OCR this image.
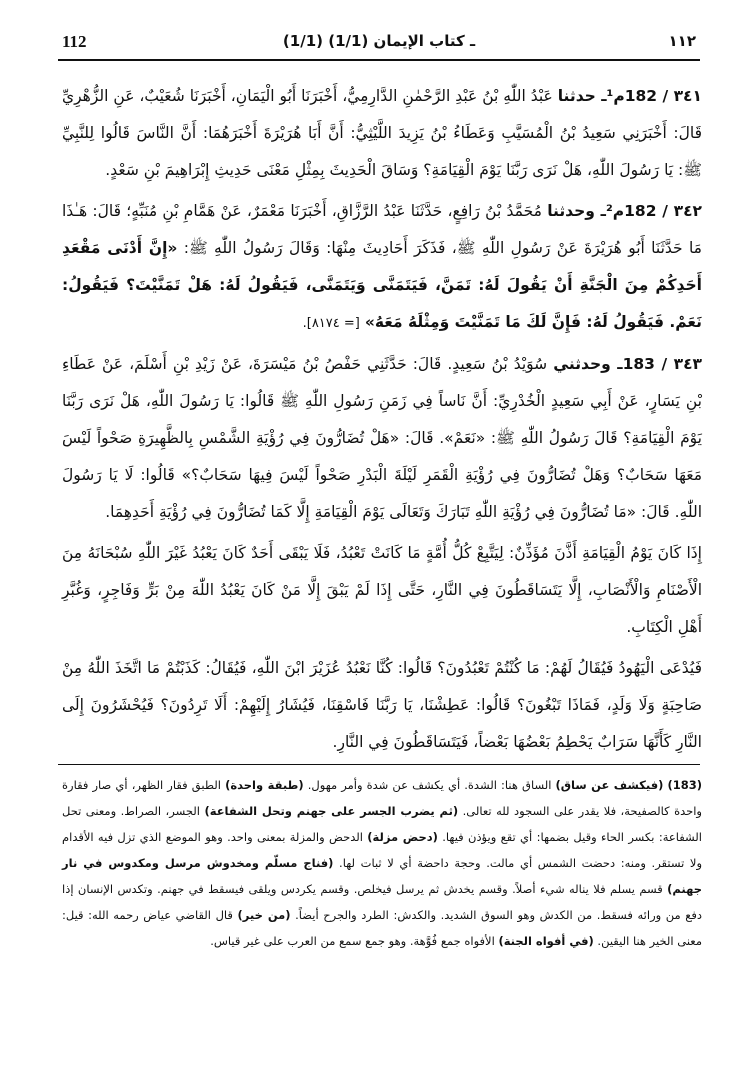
112	(1/1) ـ كتاب الإيمان (1/1)	١١٢

٣٤١ / 182م¹ـ حدثنا عَبْدُ اللّٰهِ بْنُ عَبْدِ الرَّحْمٰنِ الدَّارِمِيُّ، أَخْبَرَنَا أَبُو الْيَمَانِ، أَخْبَرَنَا شُعَيْبٌ، عَنِ الزُّهْرِيِّ قَالَ: أَخْبَرَنِي سَعِيدُ بْنُ الْمُسَيَّبِ وَعَطَاءُ بْنُ يَزِيدَ اللَّيْثِيُّ: أَنَّ أَبَا هُرَيْرَةَ أَخْبَرَهُمَا: أَنَّ النَّاسَ قَالُوا لِلنَّبِيِّ ﷺ: يَا رَسُولَ اللّٰهِ، هَلْ نَرَى رَبَّنَا يَوْمَ الْقِيَامَةِ؟ وَسَاقَ الْحَدِيثَ بِمِثْلِ مَعْنَى حَدِيثِ إِبْرَاهِيمَ بْنِ سَعْدٍ.

٣٤٢ / 182م²ـ وحدثنا مُحَمَّدُ بْنُ رَافِعٍ، حَدَّثَنَا عَبْدُ الرَّزَّاقِ، أَخْبَرَنَا مَعْمَرٌ، عَنْ هَمَّامِ بْنِ مُنَبِّهٍ؛ قَالَ: هَـٰذَا مَا حَدَّثَنَا أَبُو هُرَيْرَةَ عَنْ رَسُولِ اللّٰهِ ﷺ، فَذَكَرَ أَحَادِيثَ مِنْهَا: وَقَالَ رَسُولُ اللّٰهِ ﷺ: «إِنَّ أَدْنَى مَقْعَدِ أَحَدِكُمْ مِنَ الْجَنَّةِ أَنْ يَقُولَ لَهُ: تَمَنَّ، فَيَتَمَنَّى وَيَتَمَنَّى، فَيَقُولُ لَهُ: هَلْ تَمَنَّيْتَ؟ فَيَقُولُ: نَعَمْ. فَيَقُولُ لَهُ: فَإِنَّ لَكَ مَا تَمَنَّيْتَ وَمِثْلَهُ مَعَهُ» [= ٨١٧٤].

٣٤٣ / 183ـ وحدثني سُوَيْدُ بْنُ سَعِيدٍ. قَالَ: حَدَّثَنِي حَفْصُ بْنُ مَيْسَرَةَ، عَنْ زَيْدِ بْنِ أَسْلَمَ، عَنْ عَطَاءِ بْنِ يَسَارٍ، عَنْ أَبِي سَعِيدٍ الْخُدْرِيِّ: أَنَّ نَاساً فِي زَمَنِ رَسُولِ اللّٰهِ ﷺ قَالُوا: يَا رَسُولَ اللّٰهِ، هَلْ نَرَى رَبَّنَا يَوْمَ الْقِيَامَةِ؟ قَالَ رَسُولُ اللّٰهِ ﷺ: «نَعَمْ». قَالَ: «هَلْ تُضَارُّونَ فِي رُؤْيَةِ الشَّمْسِ بِالظَّهِيرَةِ صَحْواً لَيْسَ مَعَهَا سَحَابٌ؟ وَهَلْ تُضَارُّونَ فِي رُؤْيَةِ الْقَمَرِ لَيْلَةَ الْبَدْرِ صَحْواً لَيْسَ فِيهَا سَحَابٌ؟» قَالُوا: لَا يَا رَسُولَ اللّٰهِ. قَالَ: «مَا تُضَارُّونَ فِي رُؤْيَةِ اللّٰهِ تَبَارَكَ وَتَعَالَى يَوْمَ الْقِيَامَةِ إِلَّا كَمَا تُضَارُّونَ فِي رُؤْيَةِ أَحَدِهِمَا.

إِذَا كَانَ يَوْمُ الْقِيَامَةِ أَذَّنَ مُؤَذِّنٌ: لِيَتَّبِعْ كُلُّ أُمَّةٍ مَا كَانَتْ تَعْبُدُ، فَلَا يَبْقَى أَحَدٌ كَانَ يَعْبُدُ غَيْرَ اللّٰهِ سُبْحَانَهُ مِنَ الْأَصْنَامِ وَالْأَنْصَابِ، إِلَّا يَتَسَاقَطُونَ فِي النَّارِ، حَتَّى إِذَا لَمْ يَبْقَ إِلَّا مَنْ كَانَ يَعْبُدُ اللّٰهَ مِنْ بَرٍّ وَفَاجِرٍ، وَغُبَّرِ أَهْلِ الْكِتَابِ.

فَيُدْعَى الْيَهُودُ فَيُقَالُ لَهُمْ: مَا كُنْتُمْ تَعْبُدُونَ؟ قَالُوا: كُنَّا نَعْبُدُ عُزَيْرَ ابْنَ اللّٰهِ، فَيُقَالُ: كَذَبْتُمْ مَا اتَّخَذَ اللّٰهُ مِنْ صَاحِبَةٍ وَلَا وَلَدٍ، فَمَاذَا تَبْغُونَ؟ قَالُوا: عَطِشْنَا، يَا رَبَّنَا فَاسْقِنَا، فَيُشَارُ إِلَيْهِمْ: أَلَا تَرِدُونَ؟ فَيُحْشَرُونَ إِلَى النَّارِ كَأَنَّهَا سَرَابٌ يَحْطِمُ بَعْضُهَا بَعْضاً، فَيَتَسَاقَطُونَ فِي النَّارِ.

(183) (فيكشف عن ساق) الساق هنا: الشدة. أي يكشف عن شدة وأمر مهول. (طبقة واحدة) الطبق فقار الظهر، أي صار فقارة واحدة كالصفيحة، فلا يقدر على السجود لله تعالى. (ثم يضرب الجسر على جهنم وتحل الشفاعة) الجسر، الصراط. ومعنى تحل الشفاعة: بكسر الحاء وقيل بضمها: أي تقع ويؤذن فيها. (دحض مزلة) الدحض والمزلة بمعنى واحد. وهو الموضع الذي تزل فيه الأقدام ولا تستقر. ومنه: دحضت الشمس أي مالت. وحجة داحضة أي لا ثبات لها. (فناج مسلّم ومخدوش مرسل ومكدوس في نار جهنم) قسم يسلم فلا يناله شيء أصلاً. وقسم يخدش ثم يرسل فيخلص. وقسم يكردس ويلقى فيسقط في جهنم. وتكدس الإنسان إذا دفع من ورائه فسقط. من الكدش وهو السوق الشديد. والكدش: الطرد والجرح أيضاً. (من خير) قال القاضي عياض رحمه الله: قيل: معنى الخير هنا اليقين. (في أفواه الجنة) الأفواه جمع فُوَّهة. وهو جمع سمع من العرب على غير قياس.
